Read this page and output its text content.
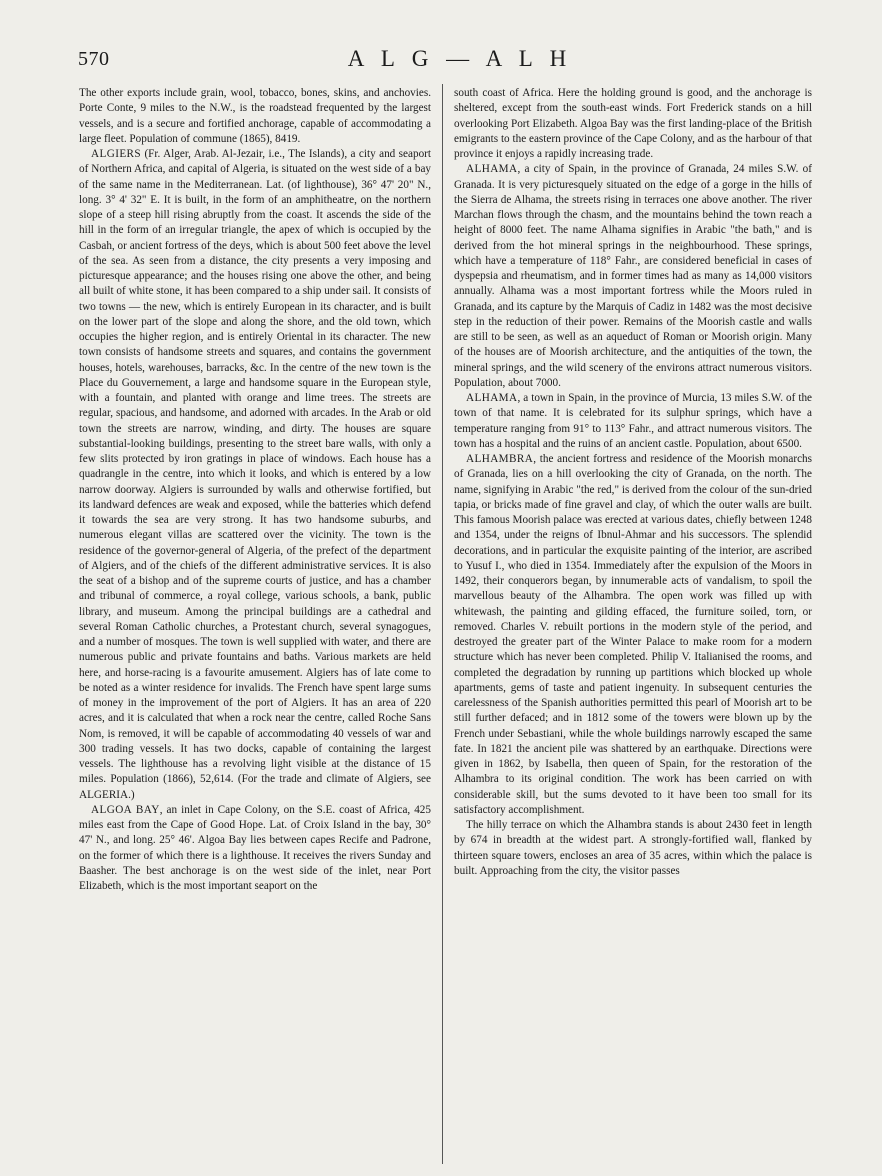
570	A L G — A L H

The other exports include grain, wool, tobacco, bones, skins, and anchovies. Porte Conte, 9 miles to the N.W., is the roadstead frequented by the largest vessels, and is a secure and fortified anchorage, capable of accommodating a large fleet. Population of commune (1865), 8419.

ALGIERS (Fr. Alger, Arab. Al-Jezair, i.e., The Islands), a city and seaport of Northern Africa, and capital of Algeria, is situated on the west side of a bay of the same name in the Mediterranean. Lat. (of lighthouse), 36° 47' 20" N., long. 3° 4' 32" E. It is built, in the form of an amphitheatre, on the northern slope of a steep hill rising abruptly from the coast. It ascends the side of the hill in the form of an irregular triangle, the apex of which is occupied by the Casbah, or ancient fortress of the deys, which is about 500 feet above the level of the sea. As seen from a distance, the city presents a very imposing and picturesque appearance; and the houses rising one above the other, and being all built of white stone, it has been compared to a ship under sail. It consists of two towns — the new, which is entirely European in its character, and is built on the lower part of the slope and along the shore, and the old town, which occupies the higher region, and is entirely Oriental in its character. The new town consists of handsome streets and squares, and contains the government houses, hotels, warehouses, barracks, &c. In the centre of the new town is the Place du Gouvernement, a large and handsome square in the European style, with a fountain, and planted with orange and lime trees. The streets are regular, spacious, and handsome, and adorned with arcades. In the Arab or old town the streets are narrow, winding, and dirty. The houses are square substantial-looking buildings, presenting to the street bare walls, with only a few slits protected by iron gratings in place of windows. Each house has a quadrangle in the centre, into which it looks, and which is entered by a low narrow doorway. Algiers is surrounded by walls and otherwise fortified, but its landward defences are weak and exposed, while the batteries which defend it towards the sea are very strong. It has two handsome suburbs, and numerous elegant villas are scattered over the vicinity. The town is the residence of the governor-general of Algeria, of the prefect of the department of Algiers, and of the chiefs of the different administrative services. It is also the seat of a bishop and of the supreme courts of justice, and has a chamber and tribunal of commerce, a royal college, various schools, a bank, public library, and museum. Among the principal buildings are a cathedral and several Roman Catholic churches, a Protestant church, several synagogues, and a number of mosques. The town is well supplied with water, and there are numerous public and private fountains and baths. Various markets are held here, and horse-racing is a favourite amusement. Algiers has of late come to be noted as a winter residence for invalids. The French have spent large sums of money in the improvement of the port of Algiers. It has an area of 220 acres, and it is calculated that when a rock near the centre, called Roche Sans Nom, is removed, it will be capable of accommodating 40 vessels of war and 300 trading vessels. It has two docks, capable of containing the largest vessels. The lighthouse has a revolving light visible at the distance of 15 miles. Population (1866), 52,614. (For the trade and climate of Algiers, see ALGERIA.)

ALGOA BAY, an inlet in Cape Colony, on the S.E. coast of Africa, 425 miles east from the Cape of Good Hope. Lat. of Croix Island in the bay, 30° 47' N., and long. 25° 46'. Algoa Bay lies between capes Recife and Padrone, on the former of which there is a lighthouse. It receives the rivers Sunday and Baasher. The best anchorage is on the west side of the inlet, near Port Elizabeth, which is the most important seaport on the

south coast of Africa. Here the holding ground is good, and the anchorage is sheltered, except from the south-east winds. Fort Frederick stands on a hill overlooking Port Elizabeth. Algoa Bay was the first landing-place of the British emigrants to the eastern province of the Cape Colony, and as the harbour of that province it enjoys a rapidly increasing trade.

ALHAMA, a city of Spain, in the province of Granada, 24 miles S.W. of Granada. It is very picturesquely situated on the edge of a gorge in the hills of the Sierra de Alhama, the streets rising in terraces one above another. The river Marchan flows through the chasm, and the mountains behind the town reach a height of 8000 feet. The name Alhama signifies in Arabic "the bath," and is derived from the hot mineral springs in the neighbourhood. These springs, which have a temperature of 118° Fahr., are considered beneficial in cases of dyspepsia and rheumatism, and in former times had as many as 14,000 visitors annually. Alhama was a most important fortress while the Moors ruled in Granada, and its capture by the Marquis of Cadiz in 1482 was the most decisive step in the reduction of their power. Remains of the Moorish castle and walls are still to be seen, as well as an aqueduct of Roman or Moorish origin. Many of the houses are of Moorish architecture, and the antiquities of the town, the mineral springs, and the wild scenery of the environs attract numerous visitors. Population, about 7000.

ALHAMA, a town in Spain, in the province of Murcia, 13 miles S.W. of the town of that name. It is celebrated for its sulphur springs, which have a temperature ranging from 91° to 113° Fahr., and attract numerous visitors. The town has a hospital and the ruins of an ancient castle. Population, about 6500.

ALHAMBRA, the ancient fortress and residence of the Moorish monarchs of Granada, lies on a hill overlooking the city of Granada, on the north. The name, signifying in Arabic "the red," is derived from the colour of the sun-dried tapia, or bricks made of fine gravel and clay, of which the outer walls are built. This famous Moorish palace was erected at various dates, chiefly between 1248 and 1354, under the reigns of Ibnul-Ahmar and his successors. The splendid decorations, and in particular the exquisite painting of the interior, are ascribed to Yusuf I., who died in 1354. Immediately after the expulsion of the Moors in 1492, their conquerors began, by innumerable acts of vandalism, to spoil the marvellous beauty of the Alhambra. The open work was filled up with whitewash, the painting and gilding effaced, the furniture soiled, torn, or removed. Charles V. rebuilt portions in the modern style of the period, and destroyed the greater part of the Winter Palace to make room for a modern structure which has never been completed. Philip V. Italianised the rooms, and completed the degradation by running up partitions which blocked up whole apartments, gems of taste and patient ingenuity. In subsequent centuries the carelessness of the Spanish authorities permitted this pearl of Moorish art to be still further defaced; and in 1812 some of the towers were blown up by the French under Sebastiani, while the whole buildings narrowly escaped the same fate. In 1821 the ancient pile was shattered by an earthquake. Directions were given in 1862, by Isabella, then queen of Spain, for the restoration of the Alhambra to its original condition. The work has been carried on with considerable skill, but the sums devoted to it have been too small for its satisfactory accomplishment.

The hilly terrace on which the Alhambra stands is about 2430 feet in length by 674 in breadth at the widest part. A strongly-fortified wall, flanked by thirteen square towers, encloses an area of 35 acres, within which the palace is built. Approaching from the city, the visitor passes
